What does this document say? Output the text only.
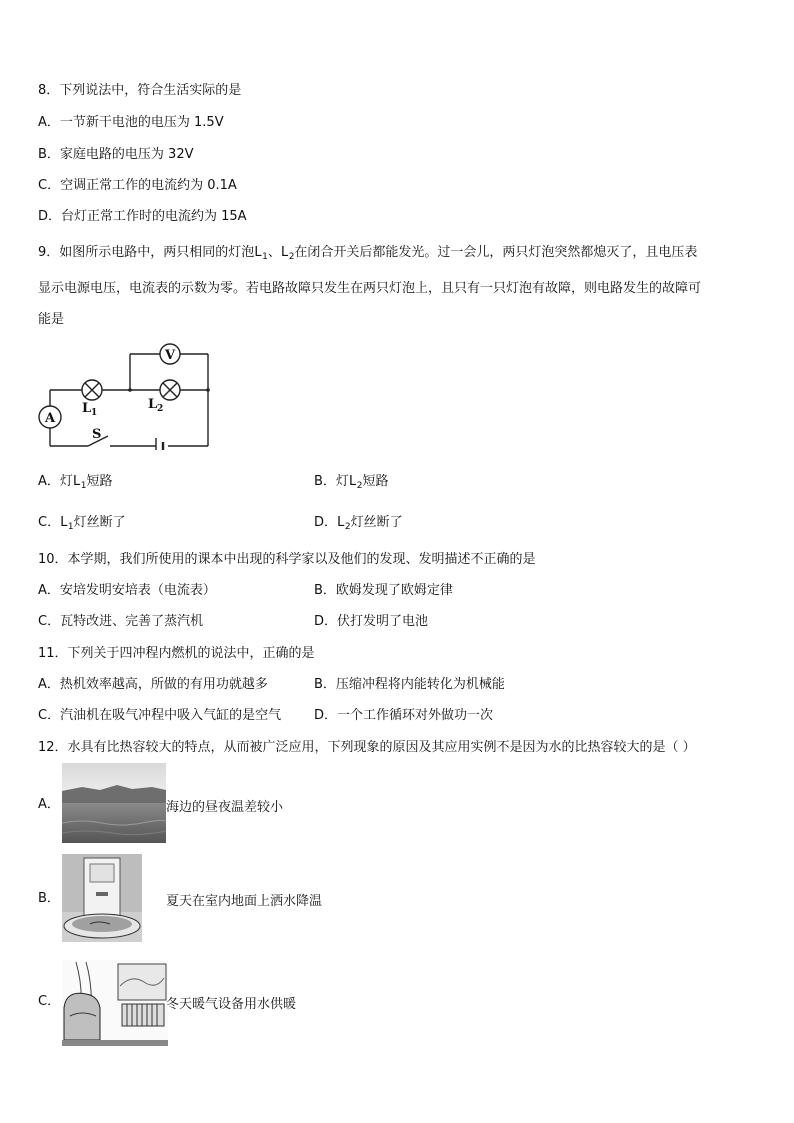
8．下列说法中，符合生活实际的是
A．一节新干电池的电压为 1.5V
B．家庭电路的电压为 32V
C．空调正常工作的电流约为 0.1A
D．台灯正常工作时的电流约为 15A
9．如图所示电路中，两只相同的灯泡$L_1$、$L_2$在闭合开关后都能发光。过一会儿，两只灯泡突然都熄灭了，且电压表
显示电源电压，电流表的示数为零。若电路故障只发生在两只灯泡上，且只有一只灯泡有故障，则电路发生的故障可
能是
V
A
L 1
L 2
S
A．灯$L_1$短路	B．灯$L_2$短路
C．$L_1$灯丝断了	D．$L_2$灯丝断了
10．本学期，我们所使用的课本中出现的科学家以及他们的发现、发明描述不正确的是
A．安培发明安培表（电流表）	B．欧姆发现了欧姆定律
C．瓦特改进、完善了蒸汽机	D．伏打发明了电池
11．下列关于四冲程内燃机的说法中，正确的是
A．热机效率越高，所做的有用功就越多	B．压缩冲程将内能转化为机械能
C．汽油机在吸气冲程中吸入气缸的是空气	D．一个工作循环对外做功一次
12．水具有比热容较大的特点，从而被广泛应用，下列现象的原因及其应用实例不是因为水的比热容较大的是（ ）
A．	海边的昼夜温差较小
B．	夏天在室内地面上洒水降温
C．	冬天暖气设备用水供暖
